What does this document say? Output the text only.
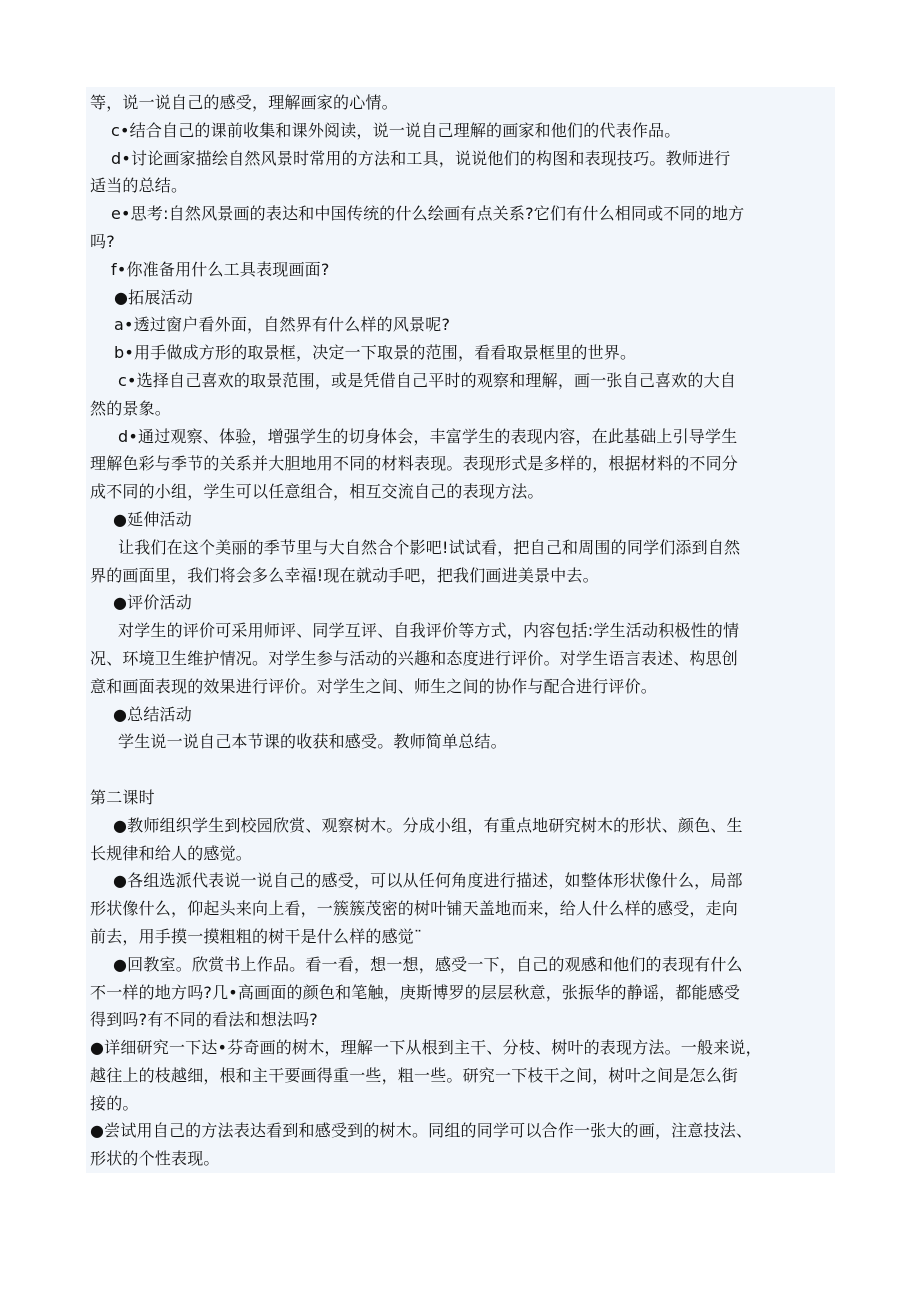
等，说一说自己的感受，理解画家的心情。

c•结合自己的课前收集和课外阅读，说一说自己理解的画家和他们的代表作品。

d•讨论画家描绘自然风景时常用的方法和工具，说说他们的构图和表现技巧。教师进行
适当的总结。

e•思考:自然风景画的表达和中国传统的什么绘画有点关系?它们有什么相同或不同的地方
吗?

f•你准备用什么工具表现画面?

●拓展活动

a•透过窗户看外面，自然界有什么样的风景呢?

b•用手做成方形的取景框，决定一下取景的范围，看看取景框里的世界。

c•选择自己喜欢的取景范围，或是凭借自己平时的观察和理解，画一张自己喜欢的大自
然的景象。

d•通过观察、体验，增强学生的切身体会，丰富学生的表现内容，在此基础上引导学生
理解色彩与季节的关系并大胆地用不同的材料表现。表现形式是多样的，根据材料的不同分
成不同的小组，学生可以任意组合，相互交流自己的表现方法。

●延伸活动

让我们在这个美丽的季节里与大自然合个影吧!试试看，把自己和周围的同学们添到自然
界的画面里，我们将会多么幸福!现在就动手吧，把我们画进美景中去。

●评价活动

对学生的评价可采用师评、同学互评、自我评价等方式，内容包括:学生活动积极性的情
况、环境卫生维护情况。对学生参与活动的兴趣和态度进行评价。对学生语言表述、构思创
意和画面表现的效果进行评价。对学生之间、师生之间的协作与配合进行评价。

●总结活动

学生说一说自己本节课的收获和感受。教师简单总结。

第二课时

●教师组织学生到校园欣赏、观察树木。分成小组，有重点地研究树木的形状、颜色、生
长规律和给人的感觉。

●各组选派代表说一说自己的感受，可以从任何角度进行描述，如整体形状像什么，局部
形状像什么，仰起头来向上看，一簇簇茂密的树叶铺天盖地而来，给人什么样的感受，走向
前去，用手摸一摸粗粗的树干是什么样的感觉¨

●回教室。欣赏书上作品。看一看，想一想，感受一下，自己的观感和他们的表现有什么
不一样的地方吗?几•高画面的颜色和笔触，庚斯博罗的层层秋意，张振华的静谣，都能感受
得到吗?有不同的看法和想法吗?

●详细研究一下达•芬奇画的树木，理解一下从根到主干、分枝、树叶的表现方法。一般来说，
越往上的枝越细，根和主干要画得重一些，粗一些。研究一下枝干之间，树叶之间是怎么街
接的。

●尝试用自己的方法表达看到和感受到的树木。同组的同学可以合作一张大的画，注意技法、
形状的个性表现。
